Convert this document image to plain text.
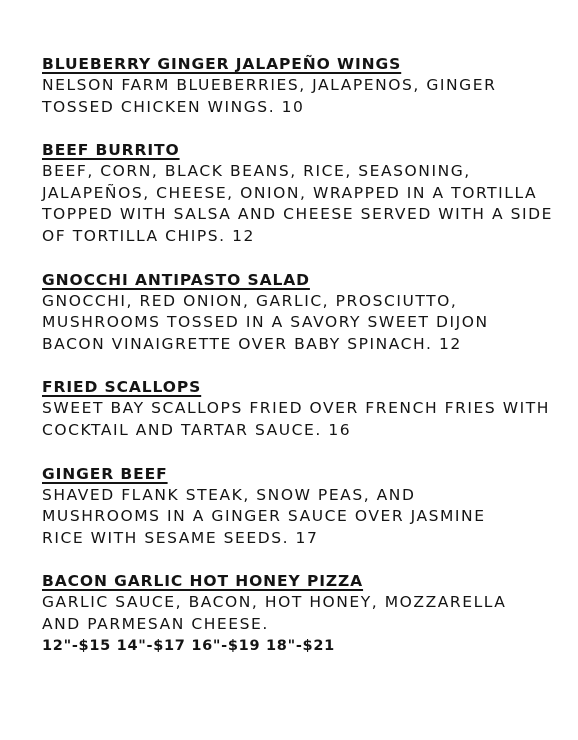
BLUEBERRY GINGER JALAPEÑO WINGS
NELSON FARM BLUEBERRIES, JALAPENOS, GINGER
TOSSED CHICKEN WINGS. 10
BEEF BURRITO
BEEF, CORN, BLACK BEANS, RICE, SEASONING,
JALAPEÑOS, CHEESE, ONION, WRAPPED IN A TORTILLA
TOPPED WITH SALSA AND CHEESE SERVED WITH A SIDE
OF TORTILLA CHIPS. 12
GNOCCHI ANTIPASTO SALAD
GNOCCHI, RED ONION, GARLIC, PROSCIUTTO,
MUSHROOMS TOSSED IN A SAVORY SWEET DIJON
BACON VINAIGRETTE OVER BABY SPINACH. 12
FRIED SCALLOPS
SWEET BAY SCALLOPS FRIED OVER FRENCH FRIES WITH
COCKTAIL AND TARTAR SAUCE. 16
GINGER BEEF
SHAVED FLANK STEAK, SNOW PEAS, AND
MUSHROOMS IN A GINGER SAUCE OVER JASMINE
RICE WITH SESAME SEEDS. 17
BACON GARLIC HOT HONEY PIZZA
GARLIC SAUCE, BACON, HOT HONEY, MOZZARELLA
AND PARMESAN CHEESE.
12"-$15 14"-$17 16"-$19 18"-$21
